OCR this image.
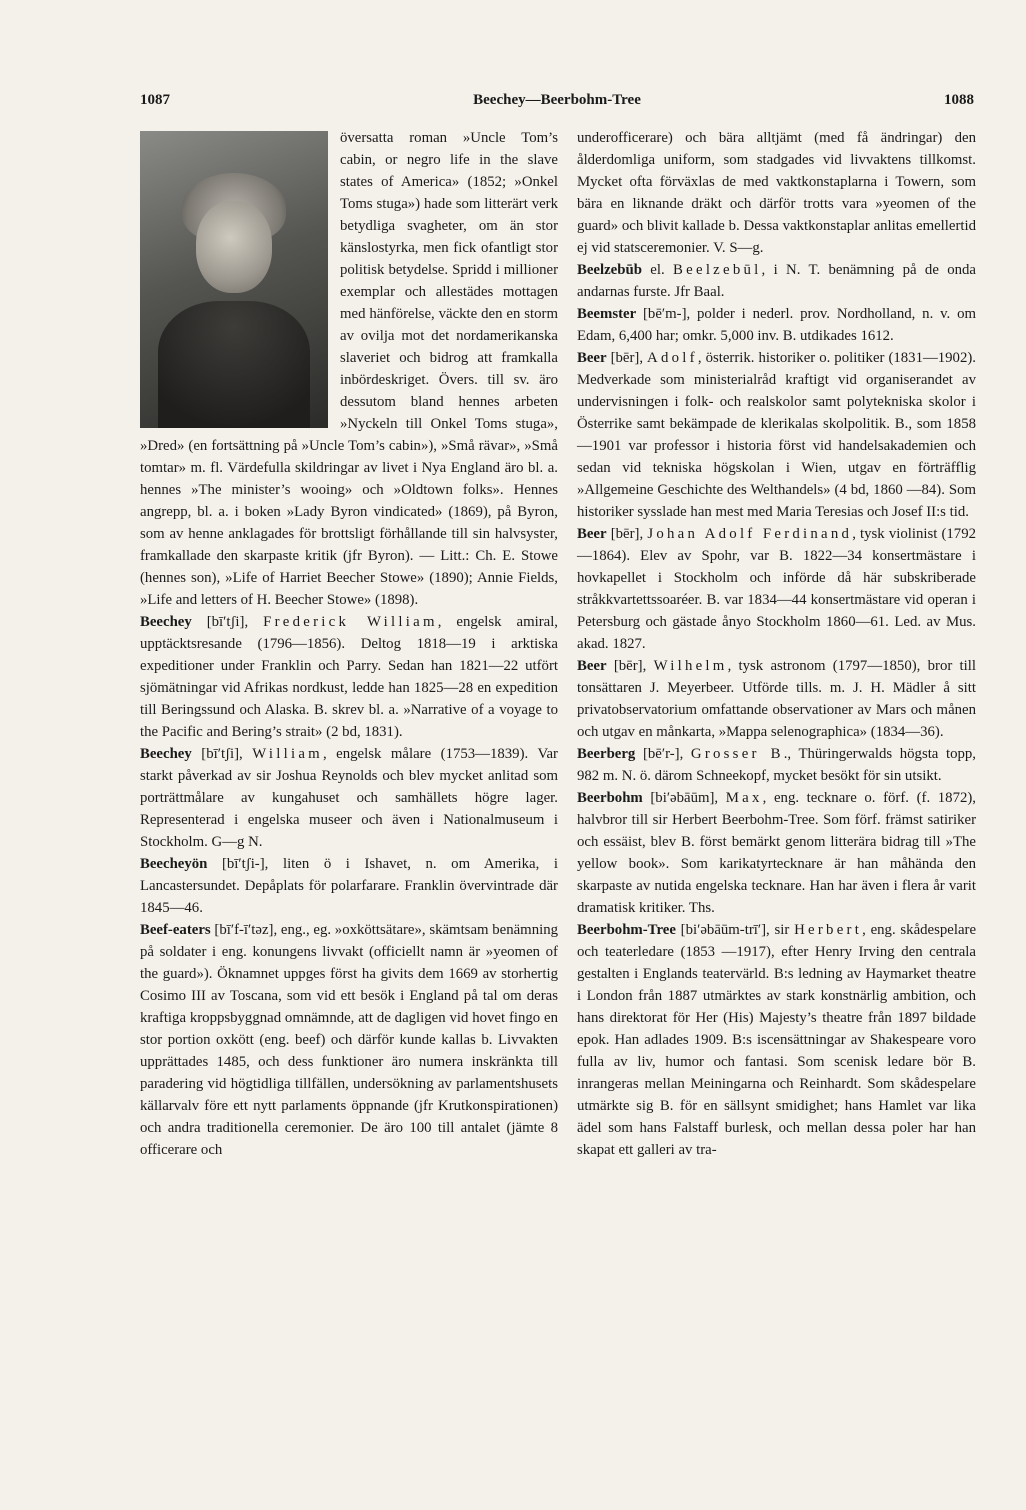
1087	Beechey—Beerbohm-Tree	1088

översatta roman »Uncle Tom’s cabin, or negro life in the slave states of America» (1852; »Onkel Toms stuga») hade som litterärt verk betydliga svagheter, om än stor känslostyrka, men fick ofantligt stor politisk betydelse. Spridd i millioner exemplar och allestädes mottagen med hänförelse, väckte den en storm av ovilja mot det nordamerikanska slaveriet och bidrog att framkalla inbördeskriget. Övers. till sv. äro dessutom bland hennes arbeten »Nyckeln till Onkel Toms stuga», »Dred» (en fortsättning på »Uncle Tom’s cabin»), »Små rävar», »Små tomtar» m. fl. Värdefulla skildringar av livet i Nya England äro bl. a. hennes »The minister’s wooing» och »Oldtown folks». Hennes angrepp, bl. a. i boken »Lady Byron vindicated» (1869), på Byron, som av henne anklagades för brottsligt förhållande till sin halvsyster, framkallade den skarpaste kritik (jfr Byron). — Litt.: Ch. E. Stowe (hennes son), »Life of Harriet Beecher Stowe» (1890); Annie Fields, »Life and letters of H. Beecher Stowe» (1898).

Beechey [bī′tʃi], Frederick William, engelsk amiral, upptäcktsresande (1796—1856). Deltog 1818—19 i arktiska expeditioner under Franklin och Parry. Sedan han 1821—22 utfört sjömätningar vid Afrikas nordkust, ledde han 1825—28 en expedition till Beringssund och Alaska. B. skrev bl. a. »Narrative of a voyage to the Pacific and Bering’s strait» (2 bd, 1831).

Beechey [bī′tʃi], William, engelsk målare (1753—1839). Var starkt påverkad av sir Joshua Reynolds och blev mycket anlitad som porträttmålare av kungahuset och samhällets högre lager. Representerad i engelska museer och även i Nationalmuseum i Stockholm. G—g N.

Beecheyön [bī′tʃi-], liten ö i Ishavet, n. om Amerika, i Lancastersundet. Depåplats för polarfarare. Franklin övervintrade där 1845—46.

Beef-eaters [bī′f-ī′təz], eng., eg. »oxköttsätare», skämtsam benämning på soldater i eng. konungens livvakt (officiellt namn är »yeomen of the guard»). Öknamnet uppges först ha givits dem 1669 av storhertig Cosimo III av Toscana, som vid ett besök i England på tal om deras kraftiga kroppsbyggnad omnämnde, att de dagligen vid hovet fingo en stor portion oxkött (eng. beef) och därför kunde kallas b. Livvakten upprättades 1485, och dess funktioner äro numera inskränkta till paradering vid högtidliga tillfällen, undersökning av parlamentshusets källarvalv före ett nytt parlaments öppnande (jfr Krutkonspirationen) och andra traditionella ceremonier. De äro 100 till antalet (jämte 8 officerare och

underofficerare) och bära alltjämt (med få ändringar) den ålderdomliga uniform, som stadgades vid livvaktens tillkomst. Mycket ofta förväxlas de med vaktkonstaplarna i Towern, som bära en liknande dräkt och därför trotts vara »yeomen of the guard» och blivit kallade b. Dessa vaktkonstaplar anlitas emellertid ej vid statsceremonier. V. S—g.

Beelzebūb el. Beelzebūl, i N. T. benämning på de onda andarnas furste. Jfr Baal.

Beemster [bē′m-], polder i nederl. prov. Nordholland, n. v. om Edam, 6,400 har; omkr. 5,000 inv. B. utdikades 1612.

Beer [bēr], Adolf, österrik. historiker o. politiker (1831—1902). Medverkade som ministerialråd kraftigt vid organiserandet av undervisningen i folk- och realskolor samt polytekniska skolor i Österrike samt bekämpade de klerikalas skolpolitik. B., som 1858 —1901 var professor i historia först vid handelsakademien och sedan vid tekniska högskolan i Wien, utgav en förträfflig »Allgemeine Geschichte des Welthandels» (4 bd, 1860 —84). Som historiker sysslade han mest med Maria Teresias och Josef II:s tid.

Beer [bēr], Johan Adolf Ferdinand, tysk violinist (1792—1864). Elev av Spohr, var B. 1822—34 konsertmästare i hovkapellet i Stockholm och införde då här subskriberade stråkkvartettssoaréer. B. var 1834—44 konsertmästare vid operan i Petersburg och gästade ånyo Stockholm 1860—61. Led. av Mus. akad. 1827.

Beer [bēr], Wilhelm, tysk astronom (1797—1850), bror till tonsättaren J. Meyerbeer. Utförde tills. m. J. H. Mädler å sitt privatobservatorium omfattande observationer av Mars och månen och utgav en månkarta, »Mappa selenographica» (1834—36).

Beerberg [bē′r-], Grosser B., Thüringerwalds högsta topp, 982 m. N. ö. därom Schneekopf, mycket besökt för sin utsikt.

Beerbohm [bi′əbāūm], Max, eng. tecknare o. förf. (f. 1872), halvbror till sir Herbert Beerbohm-Tree. Som förf. främst satiriker och essäist, blev B. först bemärkt genom litterära bidrag till »The yellow book». Som karikatyrtecknare är han måhända den skarpaste av nutida engelska tecknare. Han har även i flera år varit dramatisk kritiker. Ths.

Beerbohm-Tree [bi′əbāūm-trī′], sir Herbert, eng. skådespelare och teaterledare (1853 —1917), efter Henry Irving den centrala gestalten i Englands teatervärld. B:s ledning av Haymarket theatre i London från 1887 utmärktes av stark konstnärlig ambition, och hans direktorat för Her (His) Majesty’s theatre från 1897 bildade epok. Han adlades 1909. B:s iscensättningar av Shakespeare voro fulla av liv, humor och fantasi. Som scenisk ledare bör B. inrangeras mellan Meiningarna och Reinhardt. Som skådespelare utmärkte sig B. för en sällsynt smidighet; hans Hamlet var lika ädel som hans Falstaff burlesk, och mellan dessa poler har han skapat ett galleri av tra-
